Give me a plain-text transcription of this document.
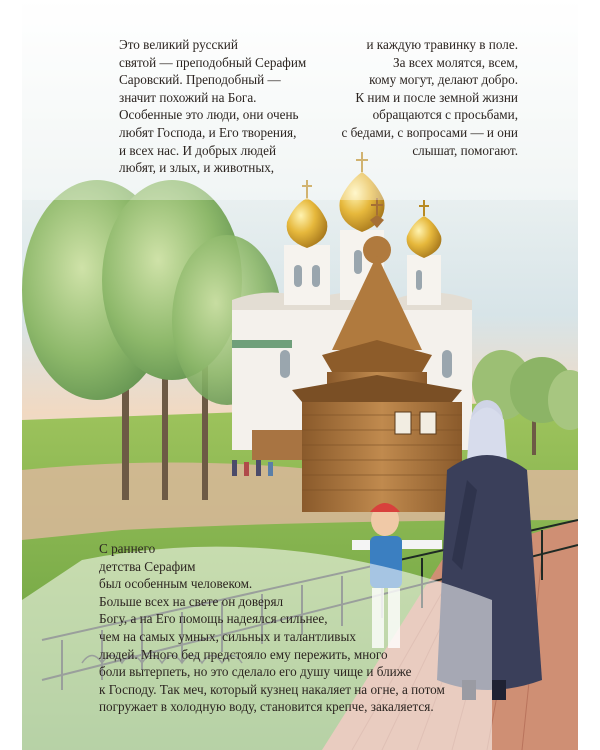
Это великий русский
святой — преподобный Серафим
Саровский. Преподобный —
значит похожий на Бога.
Особенные это люди, они очень
любят Господа, и Его творения,
и всех нас. И добрых людей
любят, и злых, и животных,

и каждую травинку в поле.
За всех молятся, всем,
кому могут, делают добро.
К ним и после земной жизни
обращаются с просьбами,
с бедами, с вопросами — и они
слышат, помогают.

С раннего
детства Серафим
был особенным человеком.
Больше всех на свете он доверял
Богу, а на Его помощь надеялся сильнее,
чем на самых умных, сильных и талантливых
людей. Много бед предстояло ему пережить, много
боли вытерпеть, но это сделало его душу чище и ближе
к Господу. Так меч, который кузнец накаляет на огне, а потом
погружает в холодную воду, становится крепче, закаляется.
